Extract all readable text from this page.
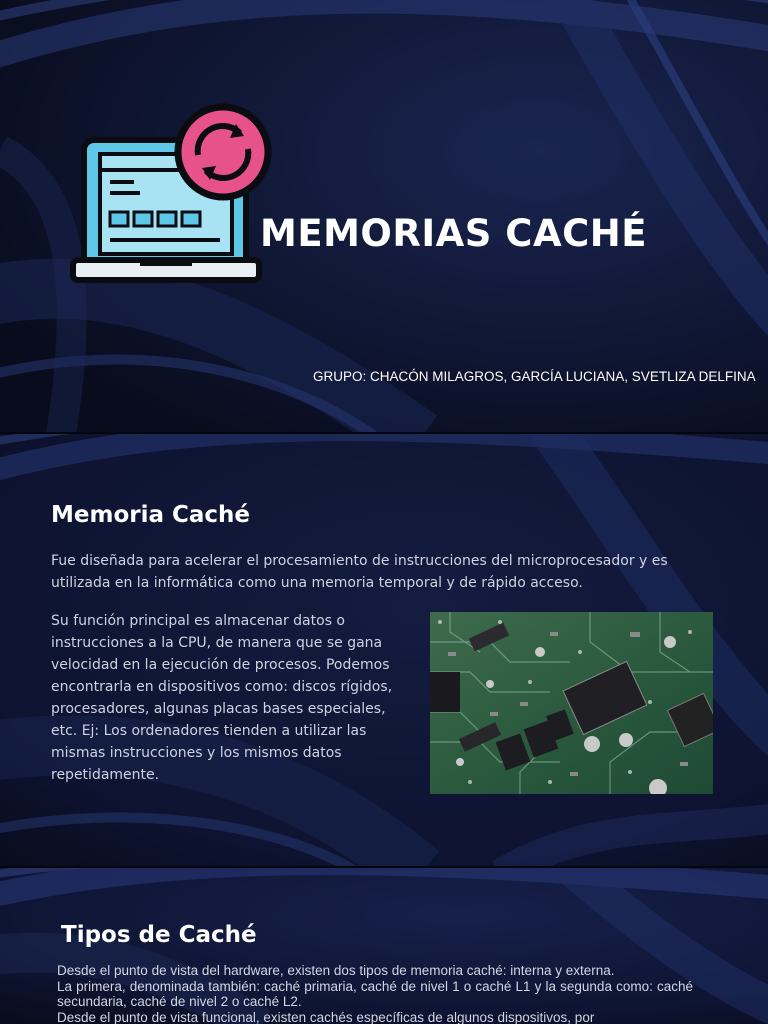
MEMORIAS CACHÉ
GRUPO: CHACÓN MILAGROS, GARCÍA LUCIANA, SVETLIZA DELFINA
Memoria Caché

Fue diseñada para acelerar el procesamiento de instrucciones del microprocesador y es utilizada en la informática como una memoria temporal y de rápido acceso.

Su función principal es almacenar datos o instrucciones a la CPU, de manera que se gana velocidad en la ejecución de procesos. Podemos encontrarla en dispositivos como: discos rígidos, procesadores, algunas placas bases especiales, etc. Ej: Los ordenadores tienden a utilizar las mismas instrucciones y los mismos datos repetidamente.

Tipos de Caché
Desde el punto de vista del hardware, existen dos tipos de memoria caché: interna y externa.
La primera, denominada también: caché primaria, caché de nivel 1 o caché L1 y la segunda como: caché secundaria, caché de nivel 2 o caché L2.
Desde el punto de vista funcional, existen cachés específicas de algunos dispositivos, por
